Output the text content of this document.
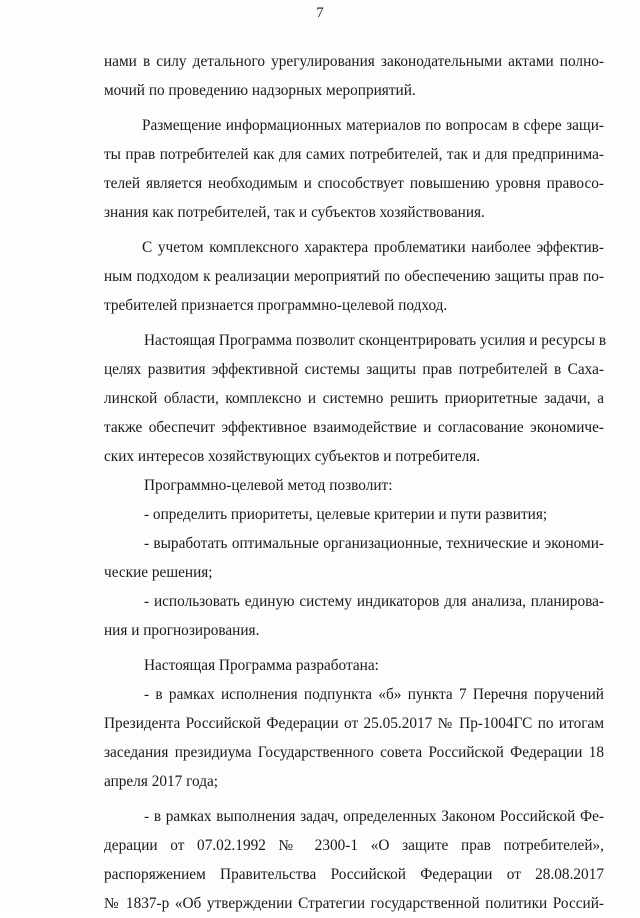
7
нами в силу детального урегулирования законодательными актами полно-
мочий по проведению надзорных мероприятий.
Размещение информационных материалов по вопросам в сфере защи-
ты прав потребителей как для самих потребителей, так и для предпринима-
телей является необходимым и способствует повышению уровня правосо-
знания как потребителей, так и субъектов хозяйствования.
С учетом комплексного характера проблематики наиболее эффектив-
ным подходом к реализации мероприятий по обеспечению защиты прав по-
требителей признается программно-целевой подход.
Настоящая Программа позволит сконцентрировать усилия и ресурсы в
целях развития эффективной системы защиты прав потребителей в Саха-
линской области, комплексно и системно решить приоритетные задачи, а
также обеспечит эффективное взаимодействие и согласование экономиче-
ских интересов хозяйствующих субъектов и потребителя.
Программно-целевой метод позволит:
- определить приоритеты, целевые критерии и пути развития;
- выработать оптимальные организационные, технические и экономи-
ческие решения;
- использовать единую систему индикаторов для анализа, планирова-
ния и прогнозирования.
Настоящая Программа разработана:
- в рамках исполнения подпункта «б» пункта 7 Перечня поручений
Президента Российской Федерации от 25.05.2017 № Пр-1004ГС по итогам
заседания президиума Государственного совета Российской Федерации 18
апреля 2017 года;
- в рамках выполнения задач, определенных Законом Российской Фе-
дерации от 07.02.1992 № 2300-1 «О защите прав потребителей»,
распоряжением Правительства Российской Федерации от 28.08.2017
№ 1837-р «Об утверждении Стратегии государственной политики Россий-
